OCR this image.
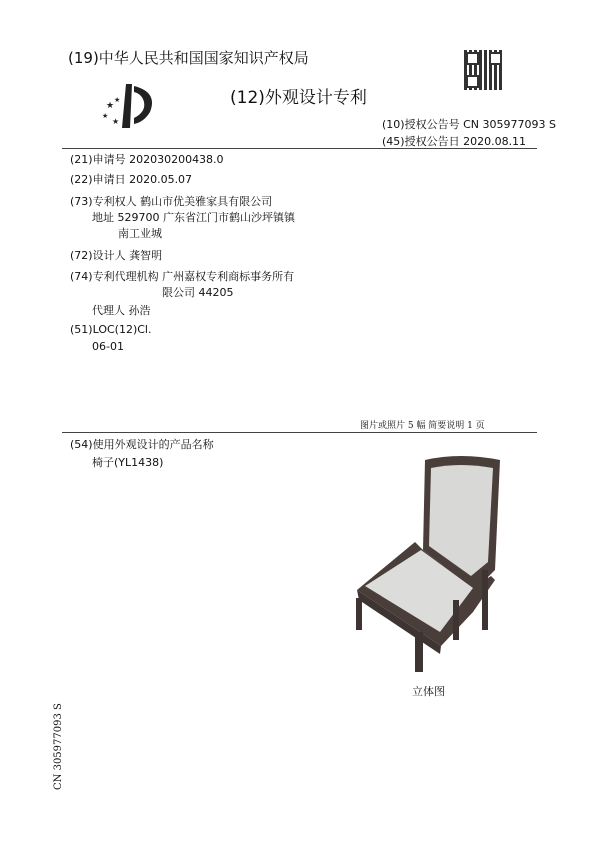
(19)中华人民共和国国家知识产权局
★
★
★
★
(12)外观设计专利
(10)授权公告号 CN 305977093 S
(45)授权公告日 2020.08.11
(21)申请号 202030200438.0
(22)申请日 2020.05.07
(73)专利权人 鹤山市优美雅家具有限公司
地址 529700 广东省江门市鹤山沙坪镇镇
南工业城
(72)设计人 龚智明
(74)专利代理机构 广州嘉权专利商标事务所有
限公司 44205
代理人 孙浩
(51)LOC(12)Cl.
06-01
图片或照片 5 幅 简要说明 1 页
(54)使用外观设计的产品名称
椅子(YL1438)
立体图
CN 305977093 S
